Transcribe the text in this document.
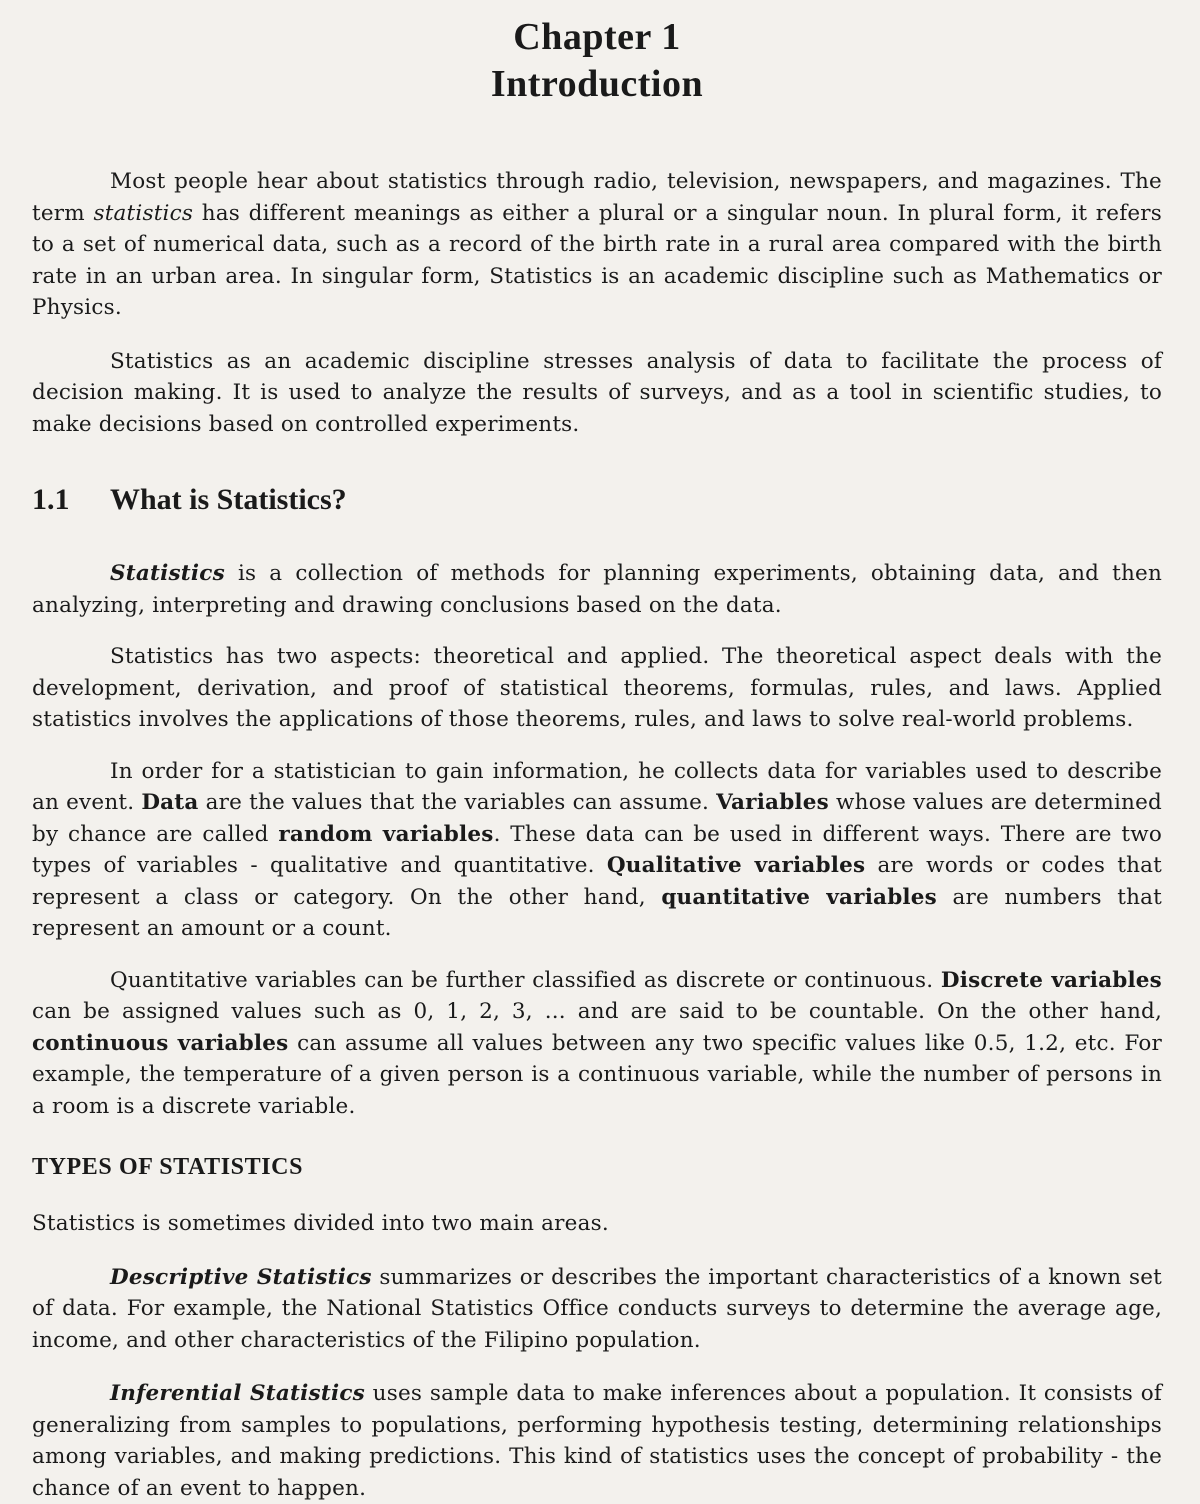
Chapter 1
Introduction

Most people hear about statistics through radio, television, newspapers, and magazines. The term statistics has different meanings as either a plural or a singular noun. In plural form, it refers to a set of numerical data, such as a record of the birth rate in a rural area compared with the birth rate in an urban area. In singular form, Statistics is an academic discipline such as Mathematics or Physics.

Statistics as an academic discipline stresses analysis of data to facilitate the process of decision making. It is used to analyze the results of surveys, and as a tool in scientific studies, to make decisions based on controlled experiments.

1.1 What is Statistics?

Statistics is a collection of methods for planning experiments, obtaining data, and then analyzing, interpreting and drawing conclusions based on the data.

Statistics has two aspects: theoretical and applied. The theoretical aspect deals with the development, derivation, and proof of statistical theorems, formulas, rules, and laws. Applied statistics involves the applications of those theorems, rules, and laws to solve real-world problems.

In order for a statistician to gain information, he collects data for variables used to describe an event. Data are the values that the variables can assume. Variables whose values are determined by chance are called random variables. These data can be used in different ways. There are two types of variables - qualitative and quantitative. Qualitative variables are words or codes that represent a class or category. On the other hand, quantitative variables are numbers that represent an amount or a count.

Quantitative variables can be further classified as discrete or continuous. Discrete variables can be assigned values such as 0, 1, 2, 3, ... and are said to be countable. On the other hand, continuous variables can assume all values between any two specific values like 0.5, 1.2, etc. For example, the temperature of a given person is a continuous variable, while the number of persons in a room is a discrete variable.

TYPES OF STATISTICS

Statistics is sometimes divided into two main areas.

Descriptive Statistics summarizes or describes the important characteristics of a known set of data. For example, the National Statistics Office conducts surveys to determine the average age, income, and other characteristics of the Filipino population.

Inferential Statistics uses sample data to make inferences about a population. It consists of generalizing from samples to populations, performing hypothesis testing, determining relationships among variables, and making predictions. This kind of statistics uses the concept of probability - the chance of an event to happen.
